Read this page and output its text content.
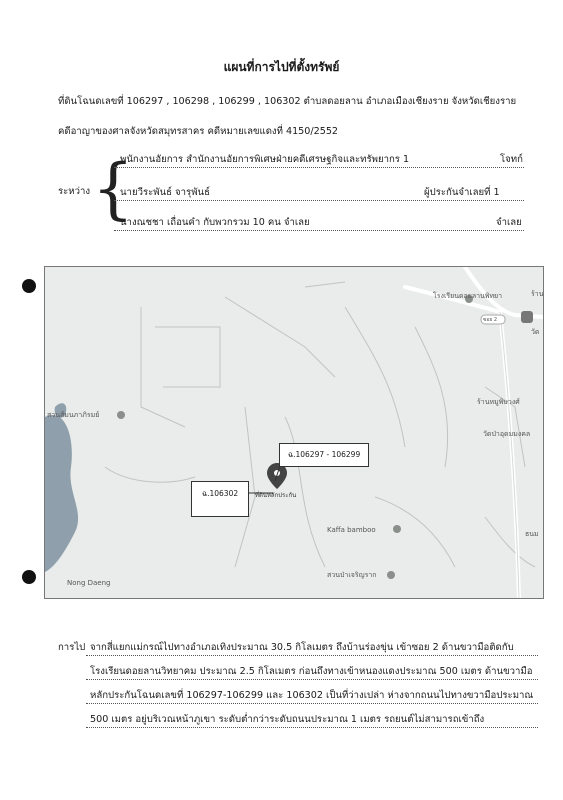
แผนที่การไปที่ตั้งทรัพย์
ที่ดินโฉนดเลขที่ 106297 , 106298 , 106299 , 106302 ตำบลดอยลาน อำเภอเมืองเชียงราย จังหวัดเชียงราย
คดีอาญาของศาลจังหวัดสมุทรสาคร คดีหมายเลขแดงที่ 4150/2552
ระหว่าง {
พนักงานอัยการ สำนักงานอัยการพิเศษฝ่ายคดีเศรษฐกิจและทรัพยากร 1	โจทก์
นายวีระพันธ์ จารุพันธ์	ผู้ประกันจำเลยที่ 1
นางณชชา เถื่อนคำ กับพวกรวม 10 คน จำเลย	จำเลย
โรงเรียนดอยลานพิทยา
ซอย 2
สวนส้มนภาภิรมย์
ร้านหมูพิษวงศ์
วัดป่าอุดมมงคล
Kaffa bamboo
สวนป่าเจริญราก
Nong Daeng
ร้าน
วัด
ธนม
ที่ดินหลักประกัน
ฉ.106297 - 106299
ฉ.106302
การไป จากสี่แยกแม่กรณ์ไปทางอำเภอเทิงประมาณ 30.5 กิโลเมตร ถึงบ้านร่องขุ่น เข้าซอย 2 ด้านขวามือติดกับ
โรงเรียนดอยลานวิทยาคม ประมาณ 2.5 กิโลเมตร ก่อนถึงทางเข้าหนองแดงประมาณ 500 เมตร ด้านขวามือ
หลักประกันโฉนดเลขที่ 106297-106299 และ 106302 เป็นที่ว่างเปล่า ห่างจากถนนไปทางขวามือประมาณ
500 เมตร อยู่บริเวณหน้าภูเขา ระดับต่ำกว่าระดับถนนประมาณ 1 เมตร รถยนต์ไม่สามารถเข้าถึง
